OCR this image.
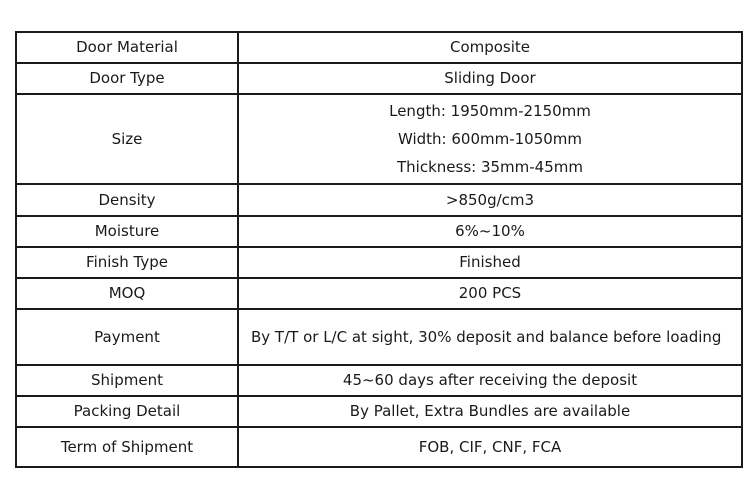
Door Material	Composite
Door Type	Sliding Door
Size	Length: 1950mm-2150mm
Width: 600mm-1050mm
Thickness: 35mm-45mm

Density	>850g/cm3
Moisture	6%~10%
Finish Type	Finished
MOQ	200 PCS
Payment	By T/T or L/C at sight, 30% deposit and balance before loading
Shipment	45~60 days after receiving the deposit
Packing Detail	By Pallet, Extra Bundles are available
Term of Shipment	FOB, CIF, CNF, FCA
